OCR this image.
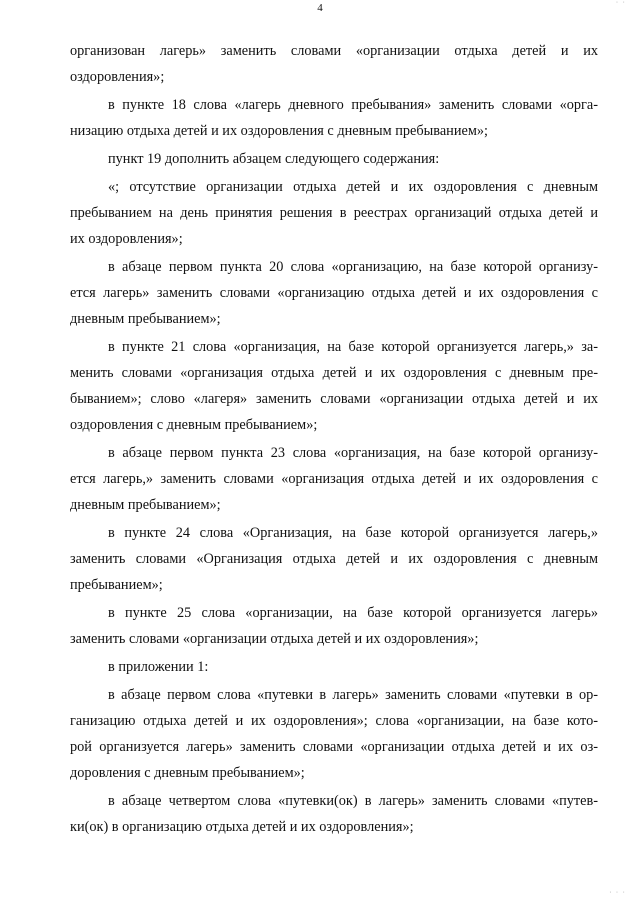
4	˙ ˙
организован лагерь» заменить словами «организации отдыха детей и их
оздоровления»;
в пункте 18 слова «лагерь дневного пребывания» заменить словами «орга-
низацию отдыха детей и их оздоровления с дневным пребыванием»;
пункт 19 дополнить абзацем следующего содержания:
«; отсутствие организации отдыха детей и их оздоровления с дневным
пребыванием на день принятия решения в реестрах организаций отдыха детей и
их оздоровления»;
в абзаце первом пункта 20 слова «организацию, на базе которой организу-
ется лагерь» заменить словами «организацию отдыха детей и их оздоровления с
дневным пребыванием»;
в пункте 21 слова «организация, на базе которой организуется лагерь,» за-
менить словами «организация отдыха детей и их оздоровления с дневным пре-
быванием»; слово «лагеря» заменить словами «организации отдыха детей и их
оздоровления с дневным пребыванием»;
в абзаце первом пункта 23 слова «организация, на базе которой организу-
ется лагерь,» заменить словами «организация отдыха детей и их оздоровления с
дневным пребыванием»;
в пункте 24 слова «Организация, на базе которой организуется лагерь,»
заменить словами «Организация отдыха детей и их оздоровления с дневным
пребыванием»;
в пункте 25 слова «организации, на базе которой организуется лагерь»
заменить словами «организации отдыха детей и их оздоровления»;
в приложении 1:
в абзаце первом слова «путевки в лагерь» заменить словами «путевки в ор-
ганизацию отдыха детей и их оздоровления»; слова «организации, на базе кото-
рой организуется лагерь» заменить словами «организации отдыха детей и их оз-
доровления с дневным пребыванием»;
в абзаце четвертом слова «путевки(ок) в лагерь» заменить словами «путев-
ки(ок) в организацию отдыха детей и их оздоровления»;
˙ ˙ ˙
